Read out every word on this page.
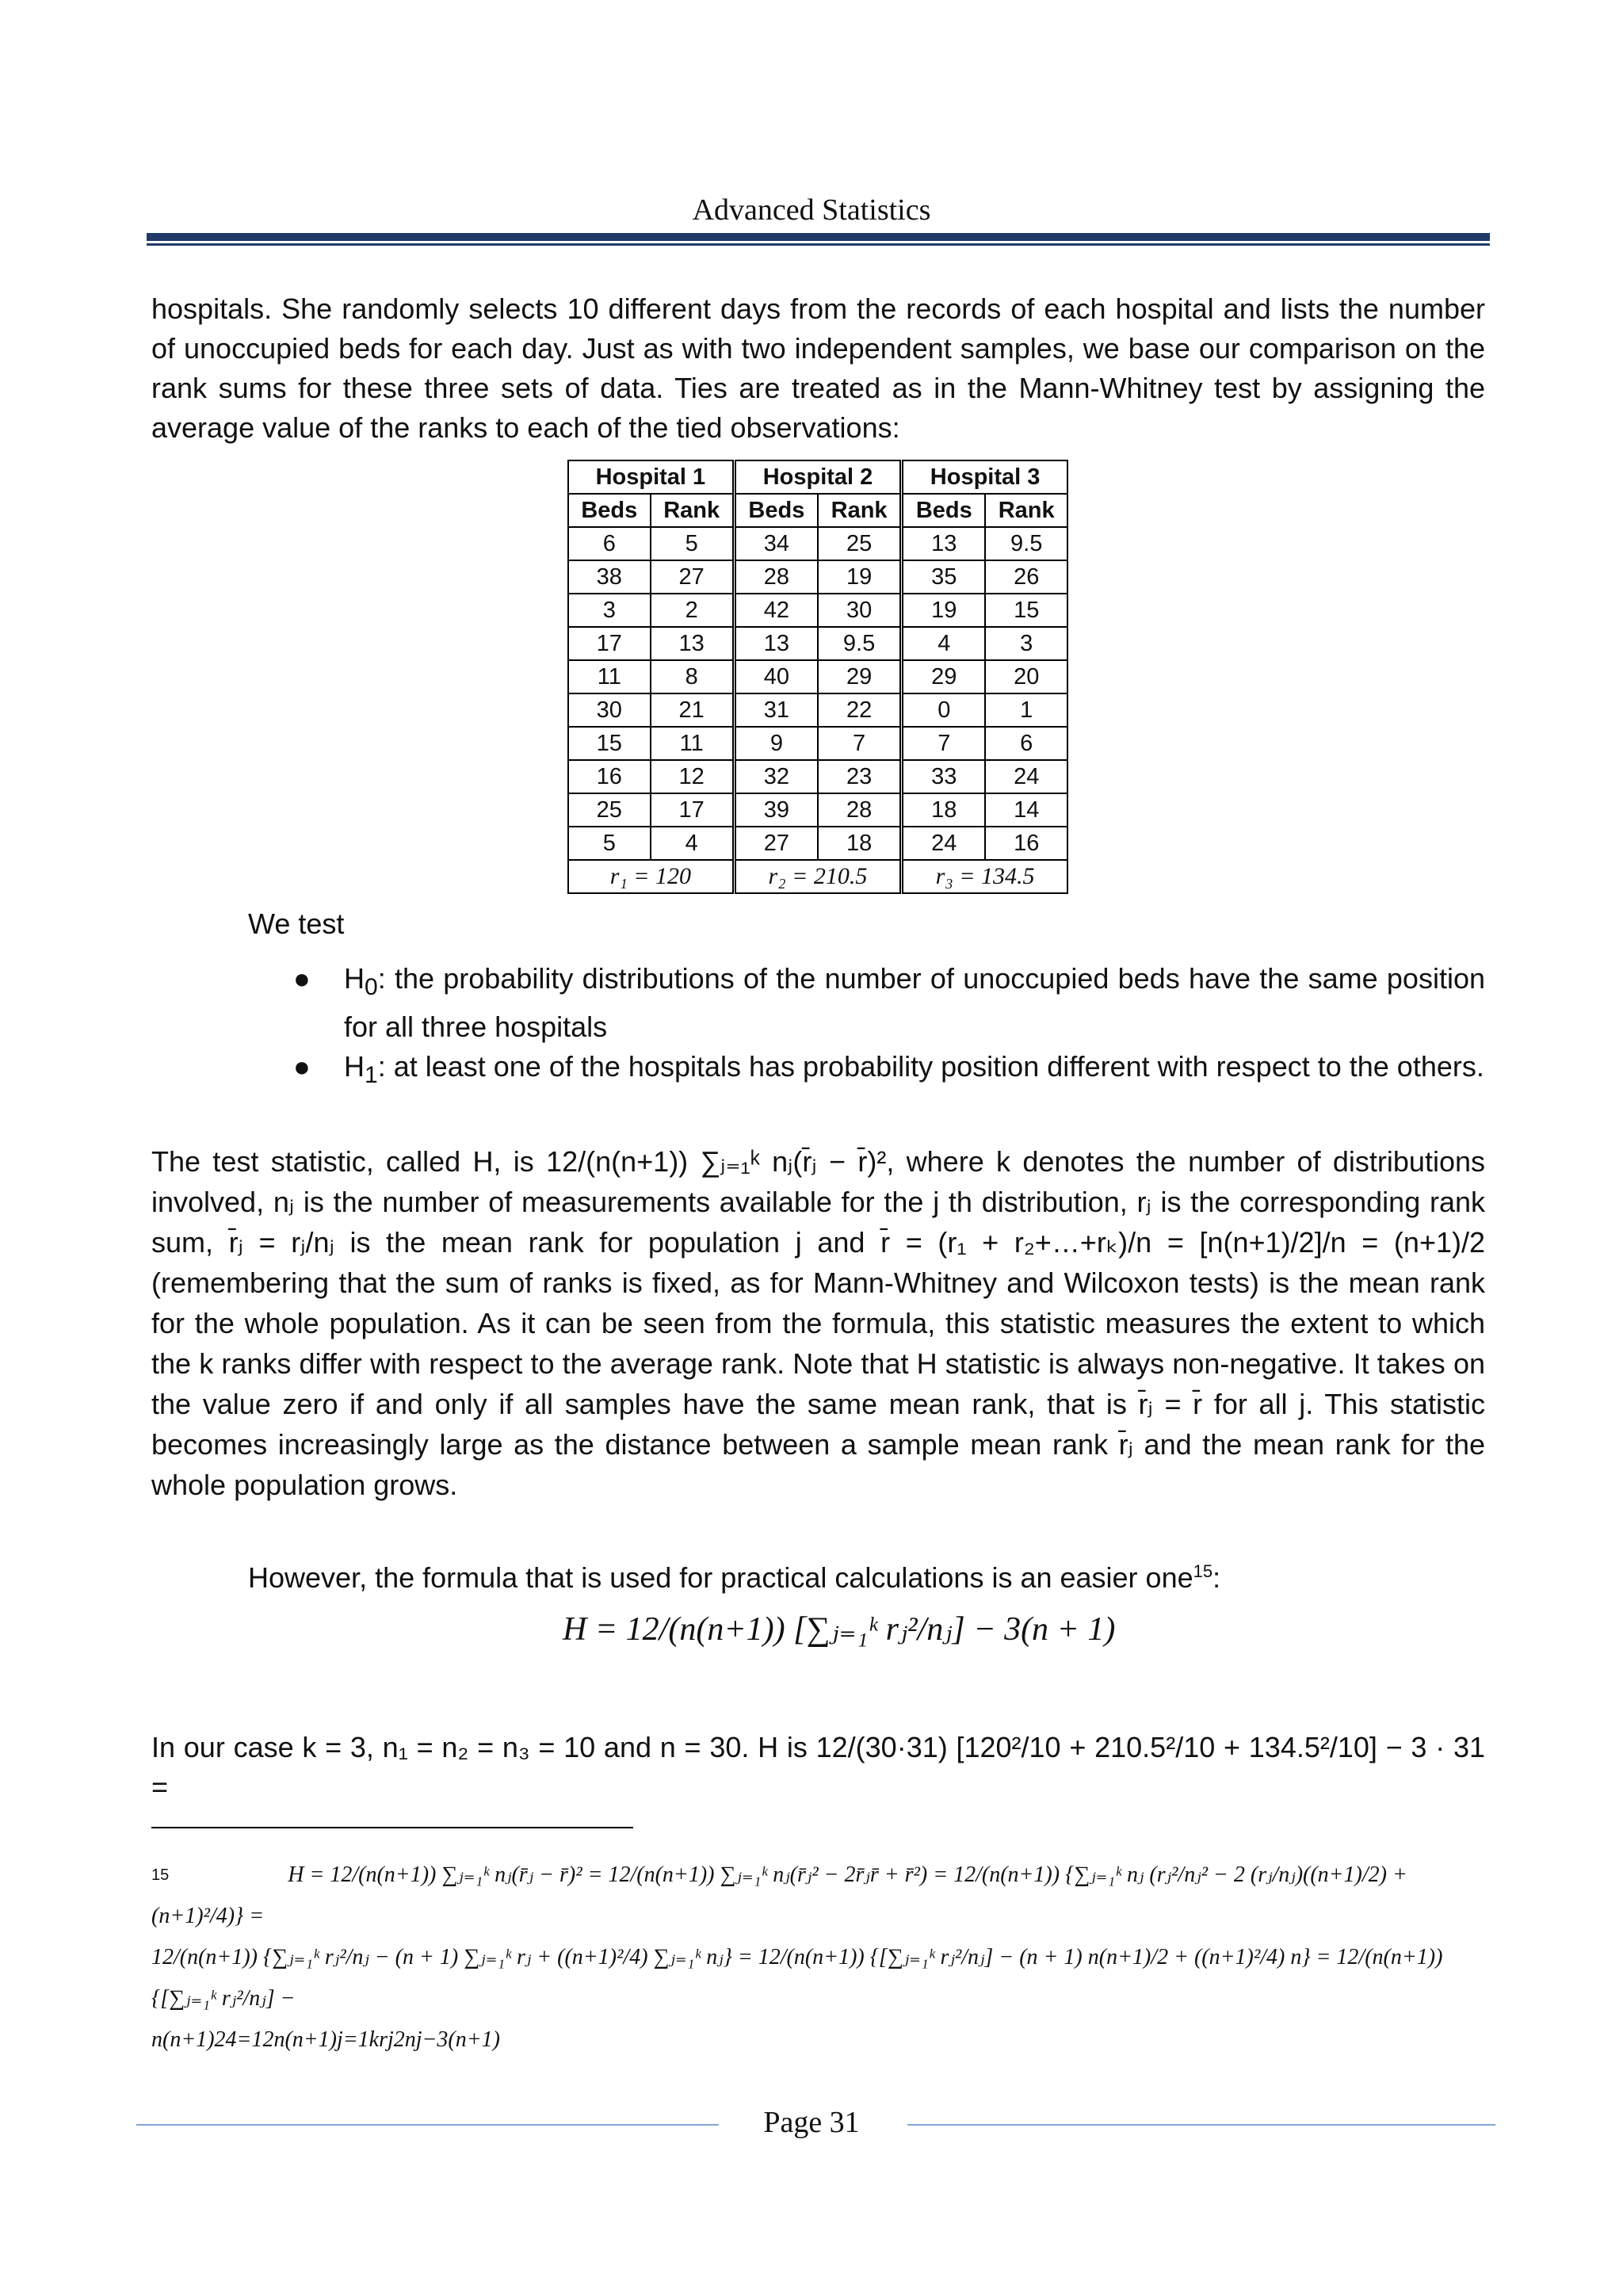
Advanced Statistics

hospitals. She randomly selects 10 different days from the records of each hospital and lists the number of unoccupied beds for each day. Just as with two independent samples, we base our comparison on the rank sums for these three sets of data. Ties are treated as in the Mann-Whitney test by assigning the average value of the ranks to each of the tied observations:

Hospital 1		Hospital 2		Hospital 3	
Beds	Rank	Beds	Rank	Beds	Rank
6	5	34	25	13	9.5
38	27	28	19	35	26
3	2	42	30	19	15
17	13	13	9.5	4	3
11	8	40	29	29	20
30	21	31	22	0	1
15	11	9	7	7	6
16	12	32	23	33	24
25	17	39	28	18	14
5	4	27	18	24	16
r₁ = 120		r₂ = 210.5		r₃ = 134.5	
We test
● $H_0$: the probability distributions of the number of unoccupied beds have the same position for all three hospitals
● $H_1$: at least one of the hospitals has probability position different with respect to the others.

The test statistic, called H, is 12/(n(n+1)) ∑ⱼ₌₁ᵏ nⱼ(r̄ⱼ − r̄)², where k denotes the number of distributions involved, nⱼ is the number of measurements available for the j th distribution, rⱼ is the corresponding rank sum, r̄ⱼ = rⱼ/nⱼ is the mean rank for population j and r̄ = (r₁ + r₂+…+rₖ)/n = [n(n+1)/2]/n = (n+1)/2 (remembering that the sum of ranks is fixed, as for Mann-Whitney and Wilcoxon tests) is the mean rank for the whole population. As it can be seen from the formula, this statistic measures the extent to which the k ranks differ with respect to the average rank. Note that H statistic is always non-negative. It takes on the value zero if and only if all samples have the same mean rank, that is r̄ⱼ = r̄ for all j. This statistic becomes increasingly large as the distance between a sample mean rank r̄ⱼ and the mean rank for the whole population grows.

However, the formula that is used for practical calculations is an easier one$^{15}$:

H = 12/(n(n+1)) [∑ⱼ₌₁ᵏ rⱼ²/nⱼ] − 3(n + 1)

In our case k = 3, n₁ = n₂ = n₃ = 10 and n = 30. H is 12/(30·31) [120²/10 + 210.5²/10 + 134.5²/10] − 3 · 31 =

$^{15}$	H = 12/(n(n+1)) ∑ⱼ₌₁ᵏ nⱼ(r̄ⱼ − r̄)² = 12/(n(n+1)) ∑ⱼ₌₁ᵏ nⱼ(r̄ⱼ² − 2r̄ⱼr̄ + r̄²) = 12/(n(n+1)) {∑ⱼ₌₁ᵏ nⱼ (rⱼ²/nⱼ² − 2 (rⱼ/nⱼ)((n+1)/2) + (n+1)²/4)} =
12/(n(n+1)) {∑ⱼ₌₁ᵏ rⱼ²/nⱼ − (n + 1) ∑ⱼ₌₁ᵏ rⱼ + ((n+1)²/4) ∑ⱼ₌₁ᵏ nⱼ} = 12/(n(n+1)) {[∑ⱼ₌₁ᵏ rⱼ²/nⱼ] − (n + 1) n(n+1)/2 + ((n+1)²/4) n} = 12/(n(n+1)) {[∑ⱼ₌₁ᵏ rⱼ²/nⱼ] −
n(n+1)24=12n(n+1)j=1krj2nj−3(n+1)
Page 31
